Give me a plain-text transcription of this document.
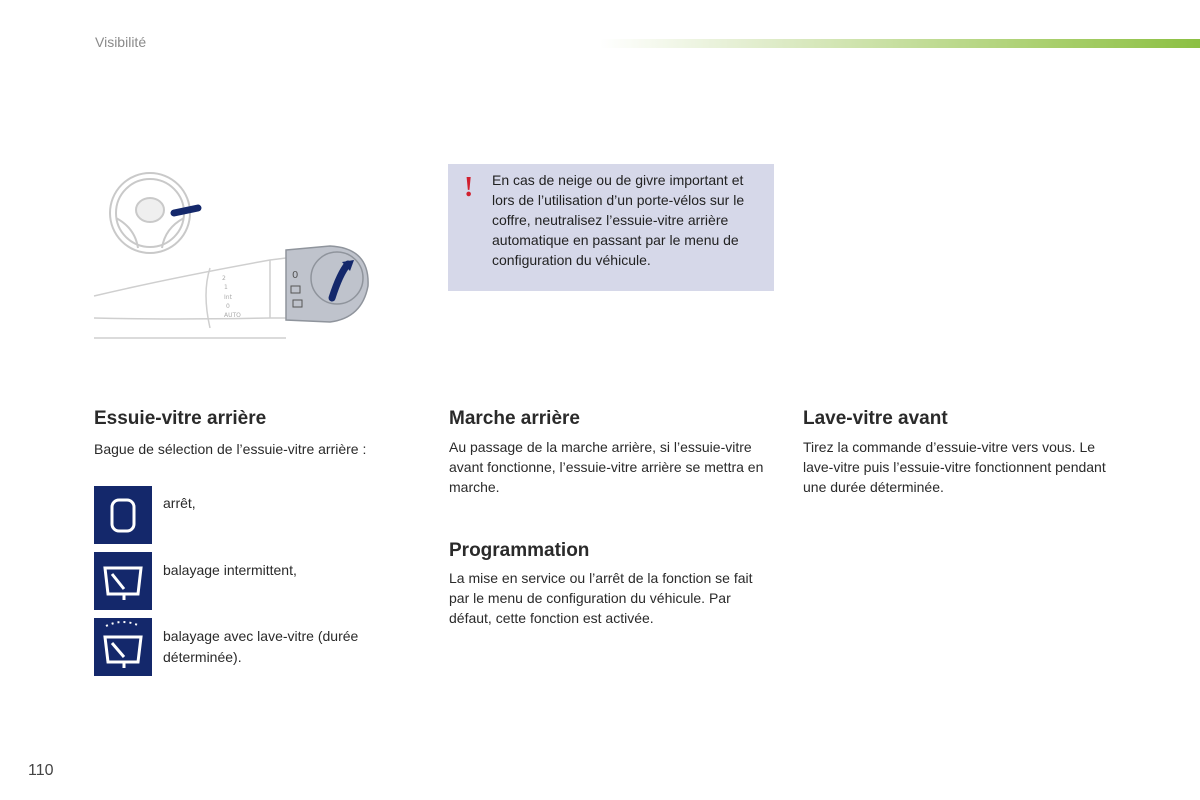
Visibilité
0
2
1
Int
0
AUTO
! En cas de neige ou de givre important et lors de l’utilisation d’un porte-vélos sur le coffre, neutralisez l’essuie-vitre arrière automatique en passant par le menu de configuration du véhicule.
Essuie-vitre arrière
Bague de sélection de l’essuie-vitre arrière :
arrêt,
balayage intermittent,
balayage avec lave-vitre (durée déterminée).
Marche arrière
Au passage de la marche arrière, si l’essuie-vitre avant fonctionne, l’essuie-vitre arrière se mettra en marche.
Programmation
La mise en service ou l’arrêt de la fonction se fait par le menu de configuration du véhicule. Par défaut, cette fonction est activée.
Lave-vitre avant
Tirez la commande d’essuie-vitre vers vous. Le lave-vitre puis l’essuie-vitre fonctionnent pendant une durée déterminée.
110
